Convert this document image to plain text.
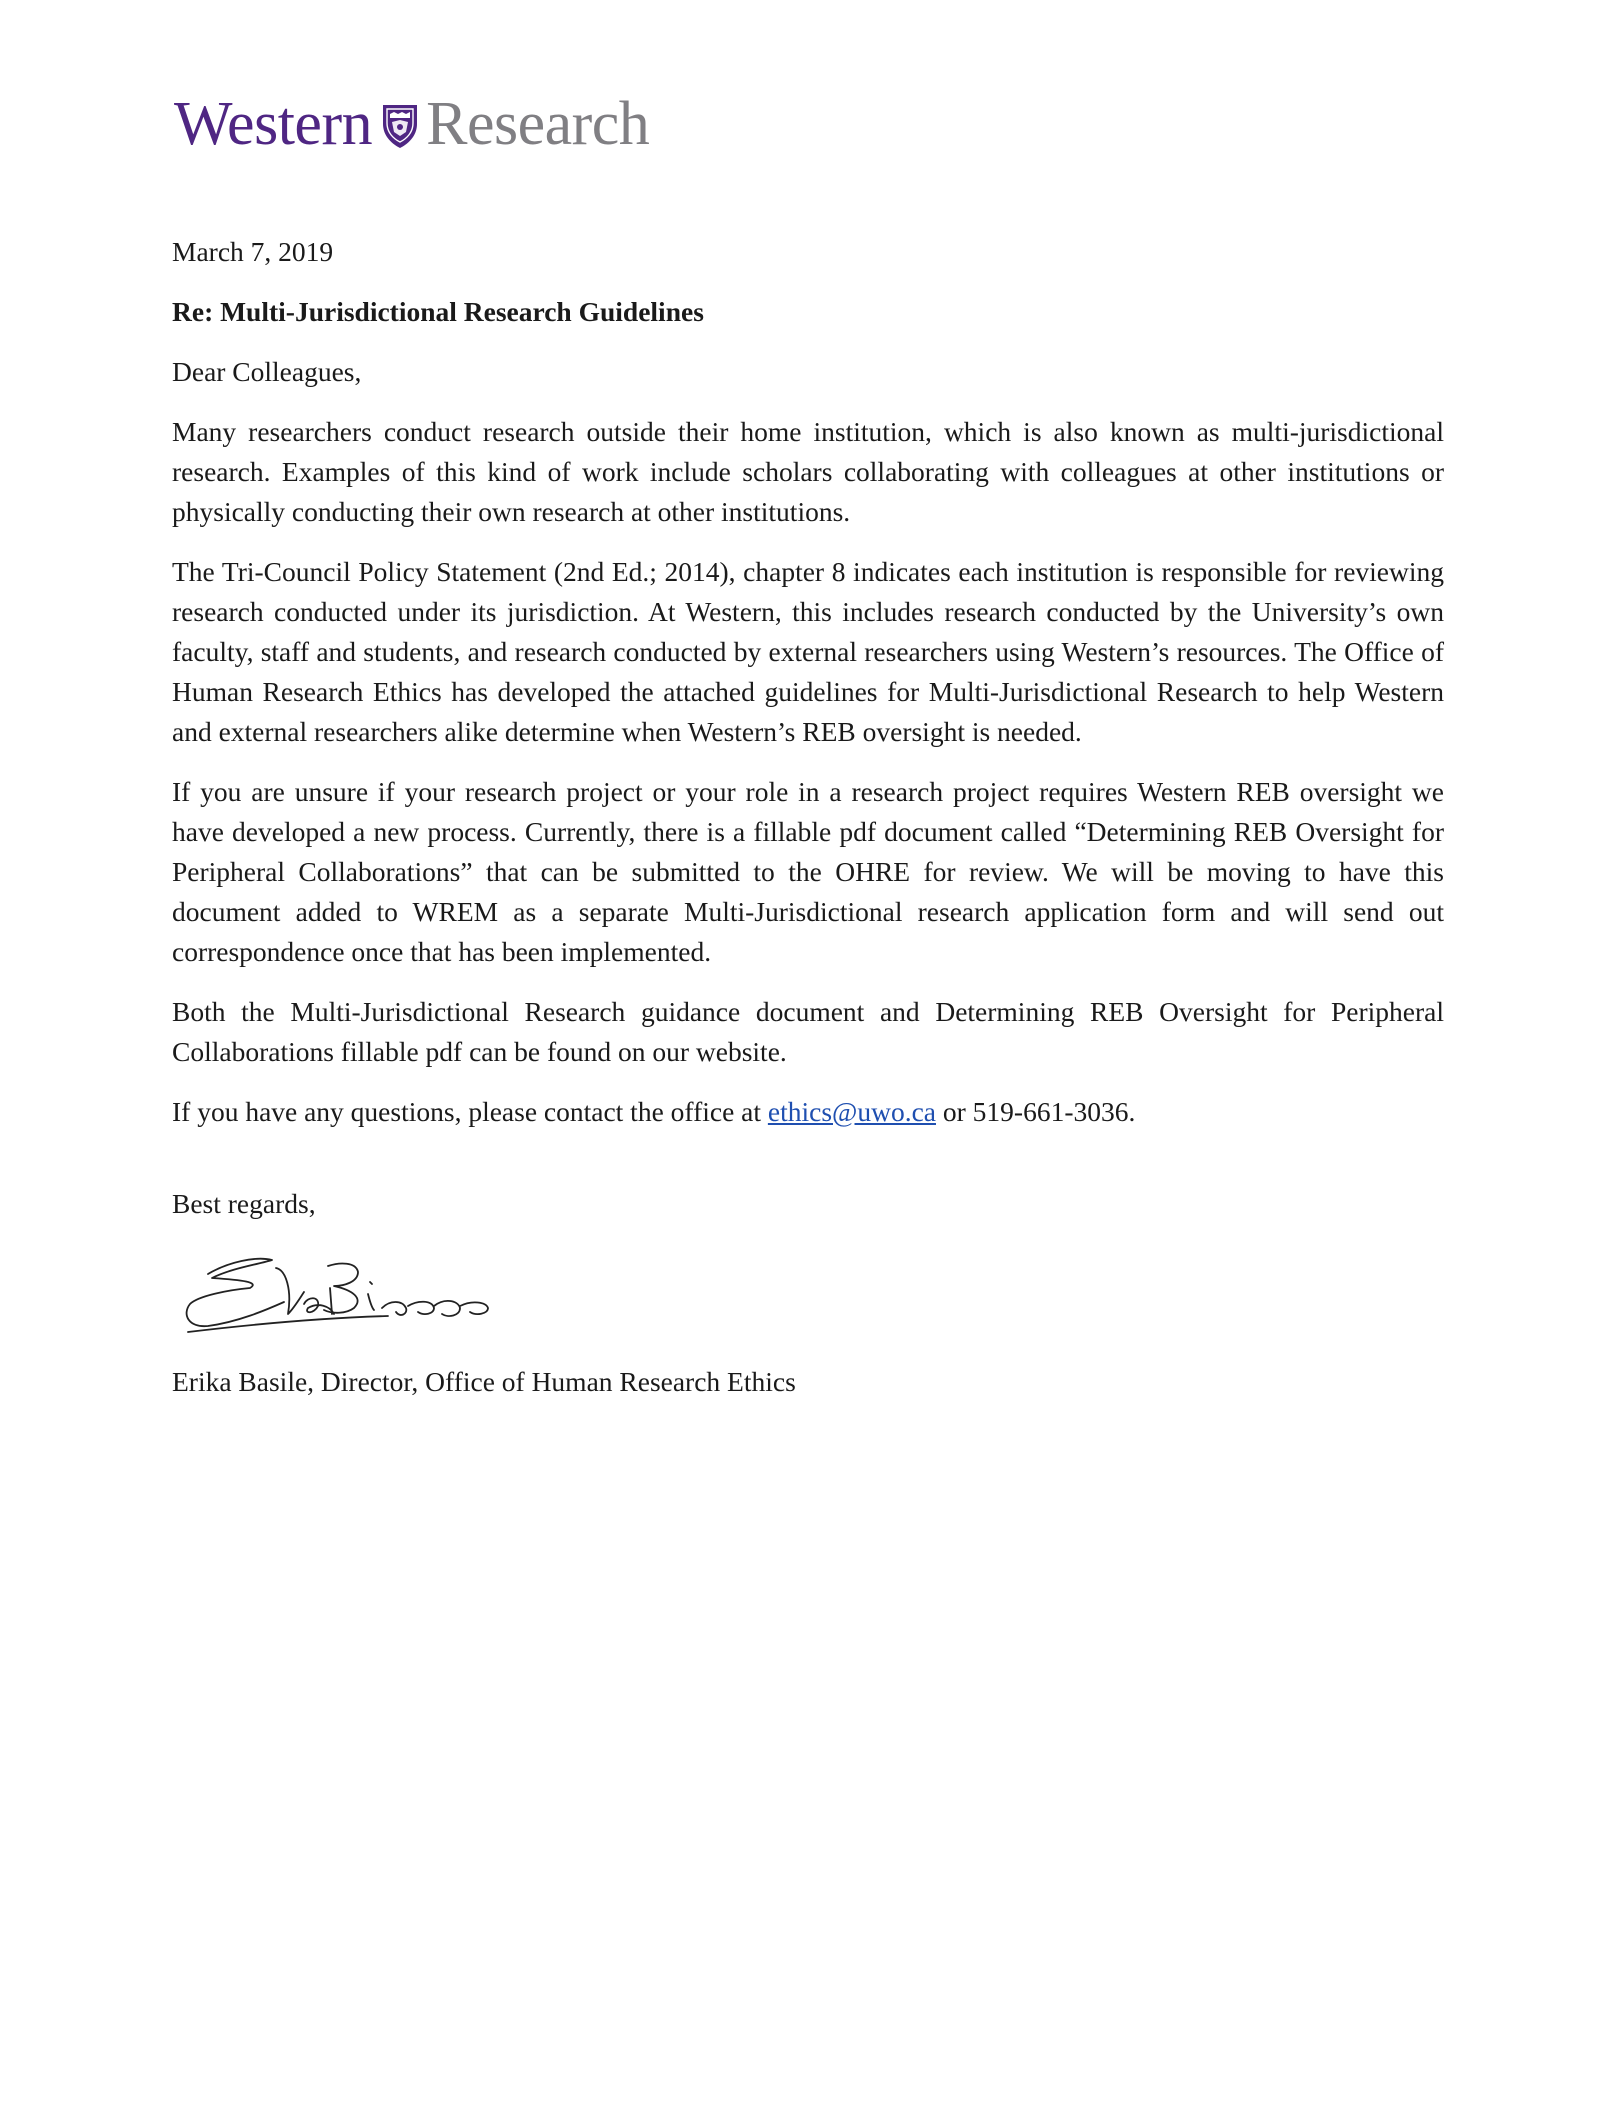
Western Research

March 7, 2019

Re: Multi-Jurisdictional Research Guidelines

Dear Colleagues,

Many researchers conduct research outside their home institution, which is also known as multi-jurisdictional research. Examples of this kind of work include scholars collaborating with colleagues at other institutions or physically conducting their own research at other institutions.

The Tri-Council Policy Statement (2nd Ed.; 2014), chapter 8 indicates each institution is responsible for reviewing research conducted under its jurisdiction. At Western, this includes research conducted by the University’s own faculty, staff and students, and research conducted by external researchers using Western’s resources. The Office of Human Research Ethics has developed the attached guidelines for Multi-Jurisdictional Research to help Western and external researchers alike determine when Western’s REB oversight is needed.

If you are unsure if your research project or your role in a research project requires Western REB oversight we have developed a new process. Currently, there is a fillable pdf document called “Determining REB Oversight for Peripheral Collaborations” that can be submitted to the OHRE for review. We will be moving to have this document added to WREM as a separate Multi-Jurisdictional research application form and will send out correspondence once that has been implemented.

Both the Multi-Jurisdictional Research guidance document and Determining REB Oversight for Peripheral Collaborations fillable pdf can be found on our website.

If you have any questions, please contact the office at ethics@uwo.ca or 519-661-3036.

Best regards,

Erika Basile, Director, Office of Human Research Ethics
